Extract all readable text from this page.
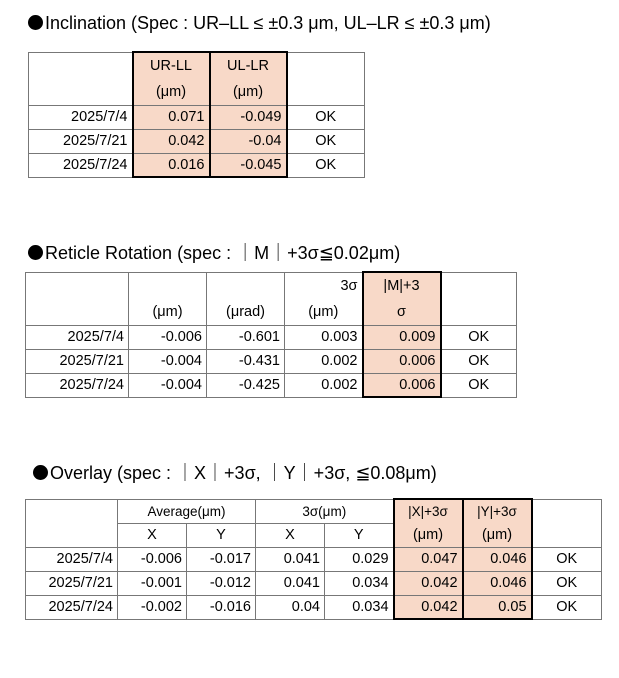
Inclination (Spec : UR–LL ≤ ±0.3 μm, UL–LR ≤ ±0.3 μm)
	UR-LL	UL-LR	
	(μm)	(μm)	
2025/7/4	0.071	-0.049	OK
2025/7/21	0.042	-0.04	OK
2025/7/24	0.016	-0.045	OK
Reticle Rotation (spec : ｜M｜+3σ≦0.02μm)
			3σ	|M|+3	
	(μm)	(μrad)	(μm)	σ	
2025/7/4	-0.006	-0.601	0.003	0.009	OK
2025/7/21	-0.004	-0.431	0.002	0.006	OK
2025/7/24	-0.004	-0.425	0.002	0.006	OK
Overlay (spec : ｜X｜+3σ, ｜Y｜+3σ, ≦0.08μm)
	Average(μm)		3σ(μm)		|X|+3σ	|Y|+3σ	
	X	Y	X	Y	(μm)	(μm)	
2025/7/4	-0.006	-0.017	0.041	0.029	0.047	0.046	OK
2025/7/21	-0.001	-0.012	0.041	0.034	0.042	0.046	OK
2025/7/24	-0.002	-0.016	0.04	0.034	0.042	0.05	OK
